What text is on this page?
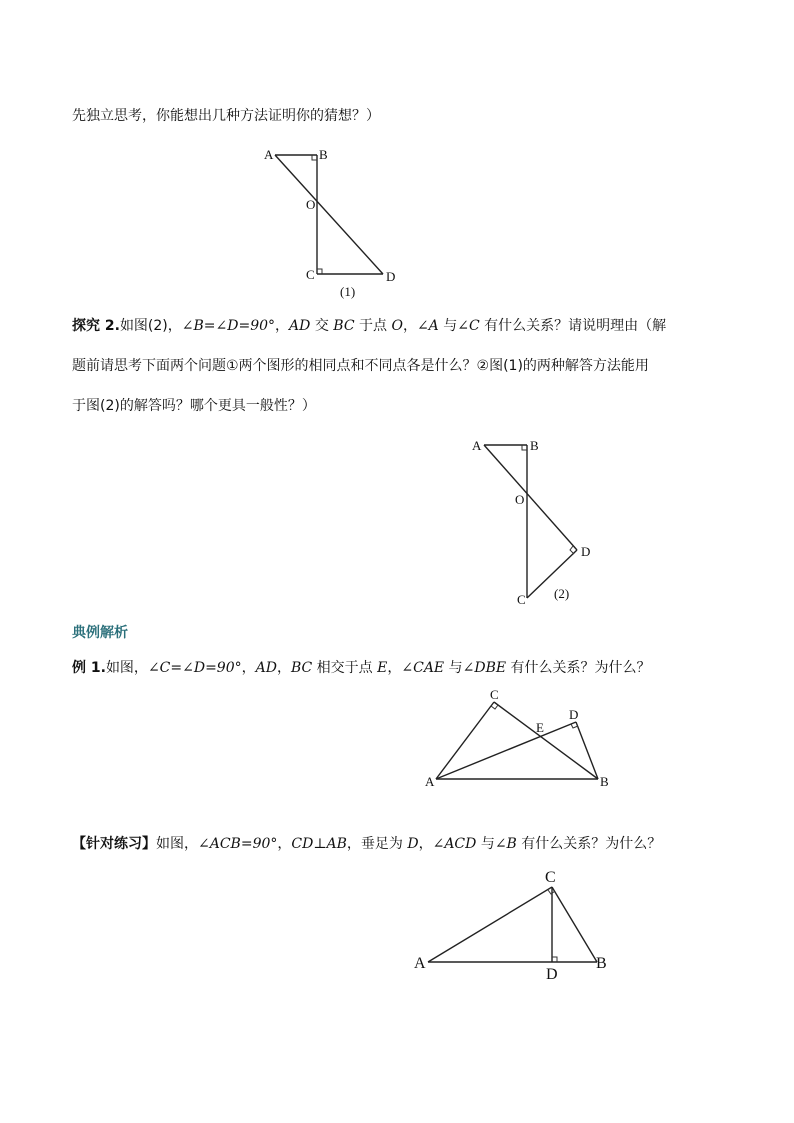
先独立思考，你能想出几种方法证明你的猜想？）
A	B
O
C	D
(1)
探究 2.如图(2)，∠B=∠D=90°，AD 交 BC 于点 O，∠A 与∠C 有什么关系？请说明理由（解
题前请思考下面两个问题①两个图形的相同点和不同点各是什么？②图(1)的两种解答方法能用
于图(2)的解答吗？哪个更具一般性？）
A	B
O
D
C (2)
典例解析
例 1.如图，∠C=∠D=90°，AD，BC 相交于点 E，∠CAE 与∠DBE 有什么关系？为什么？
C
D
E
A	B
【针对练习】如图，∠ACB=90°，CD⊥AB，垂足为 D，∠ACD 与∠B 有什么关系？为什么？
C
A
D
B
